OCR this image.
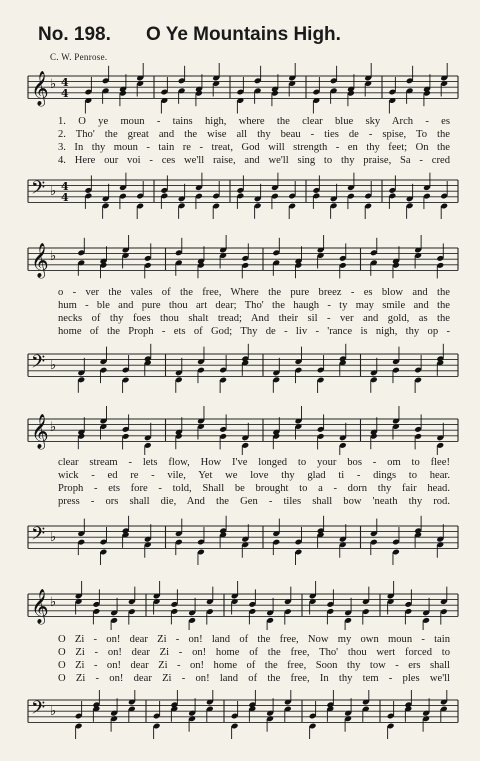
No. 198. O Ye Mountains High.
C. W. Penrose.
𝄞 ♭ 4
4
1. O ye moun - tains high, where the clear blue sky Arch - es
2. Tho' the great and the wise all thy beau - ties de - spise, To the
3. In thy moun - tain re - treat, God will strength - en thy feet; On the
4. Here our voi - ces we'll raise, and we'll sing to thy praise, Sa - cred
𝄢 ♭ 4
4
𝄞 ♭
o - ver the vales of the free, Where the pure breez - es blow and the
hum - ble and pure thou art dear; Tho' the haugh - ty may smile and the
necks of thy foes thou shalt tread; And their sil - ver and gold, as the
home of the Proph - ets of God; Thy de - liv - 'rance is nigh, thy op -
𝄢 ♭
𝄞 ♭
clear stream - lets flow, How I've longed to your bos - om to flee!
wick - ed re - vile, Yet we love thy glad ti - dings to hear.
Proph - ets fore - told, Shall be brought to a - dorn thy fair head.
press - ors shall die, And the Gen - tiles shall bow 'neath thy rod.
𝄢 ♭
𝄞 ♭
O Zi - on! dear Zi - on! land of the free, Now my own moun - tain
O Zi - on! dear Zi - on! home of the free, Tho' thou wert forced to
O Zi - on! dear Zi - on! home of the free, Soon thy tow - ers shall
O Zi - on! dear Zi - on! land of the free, In thy tem - ples we'll
𝄢 ♭
